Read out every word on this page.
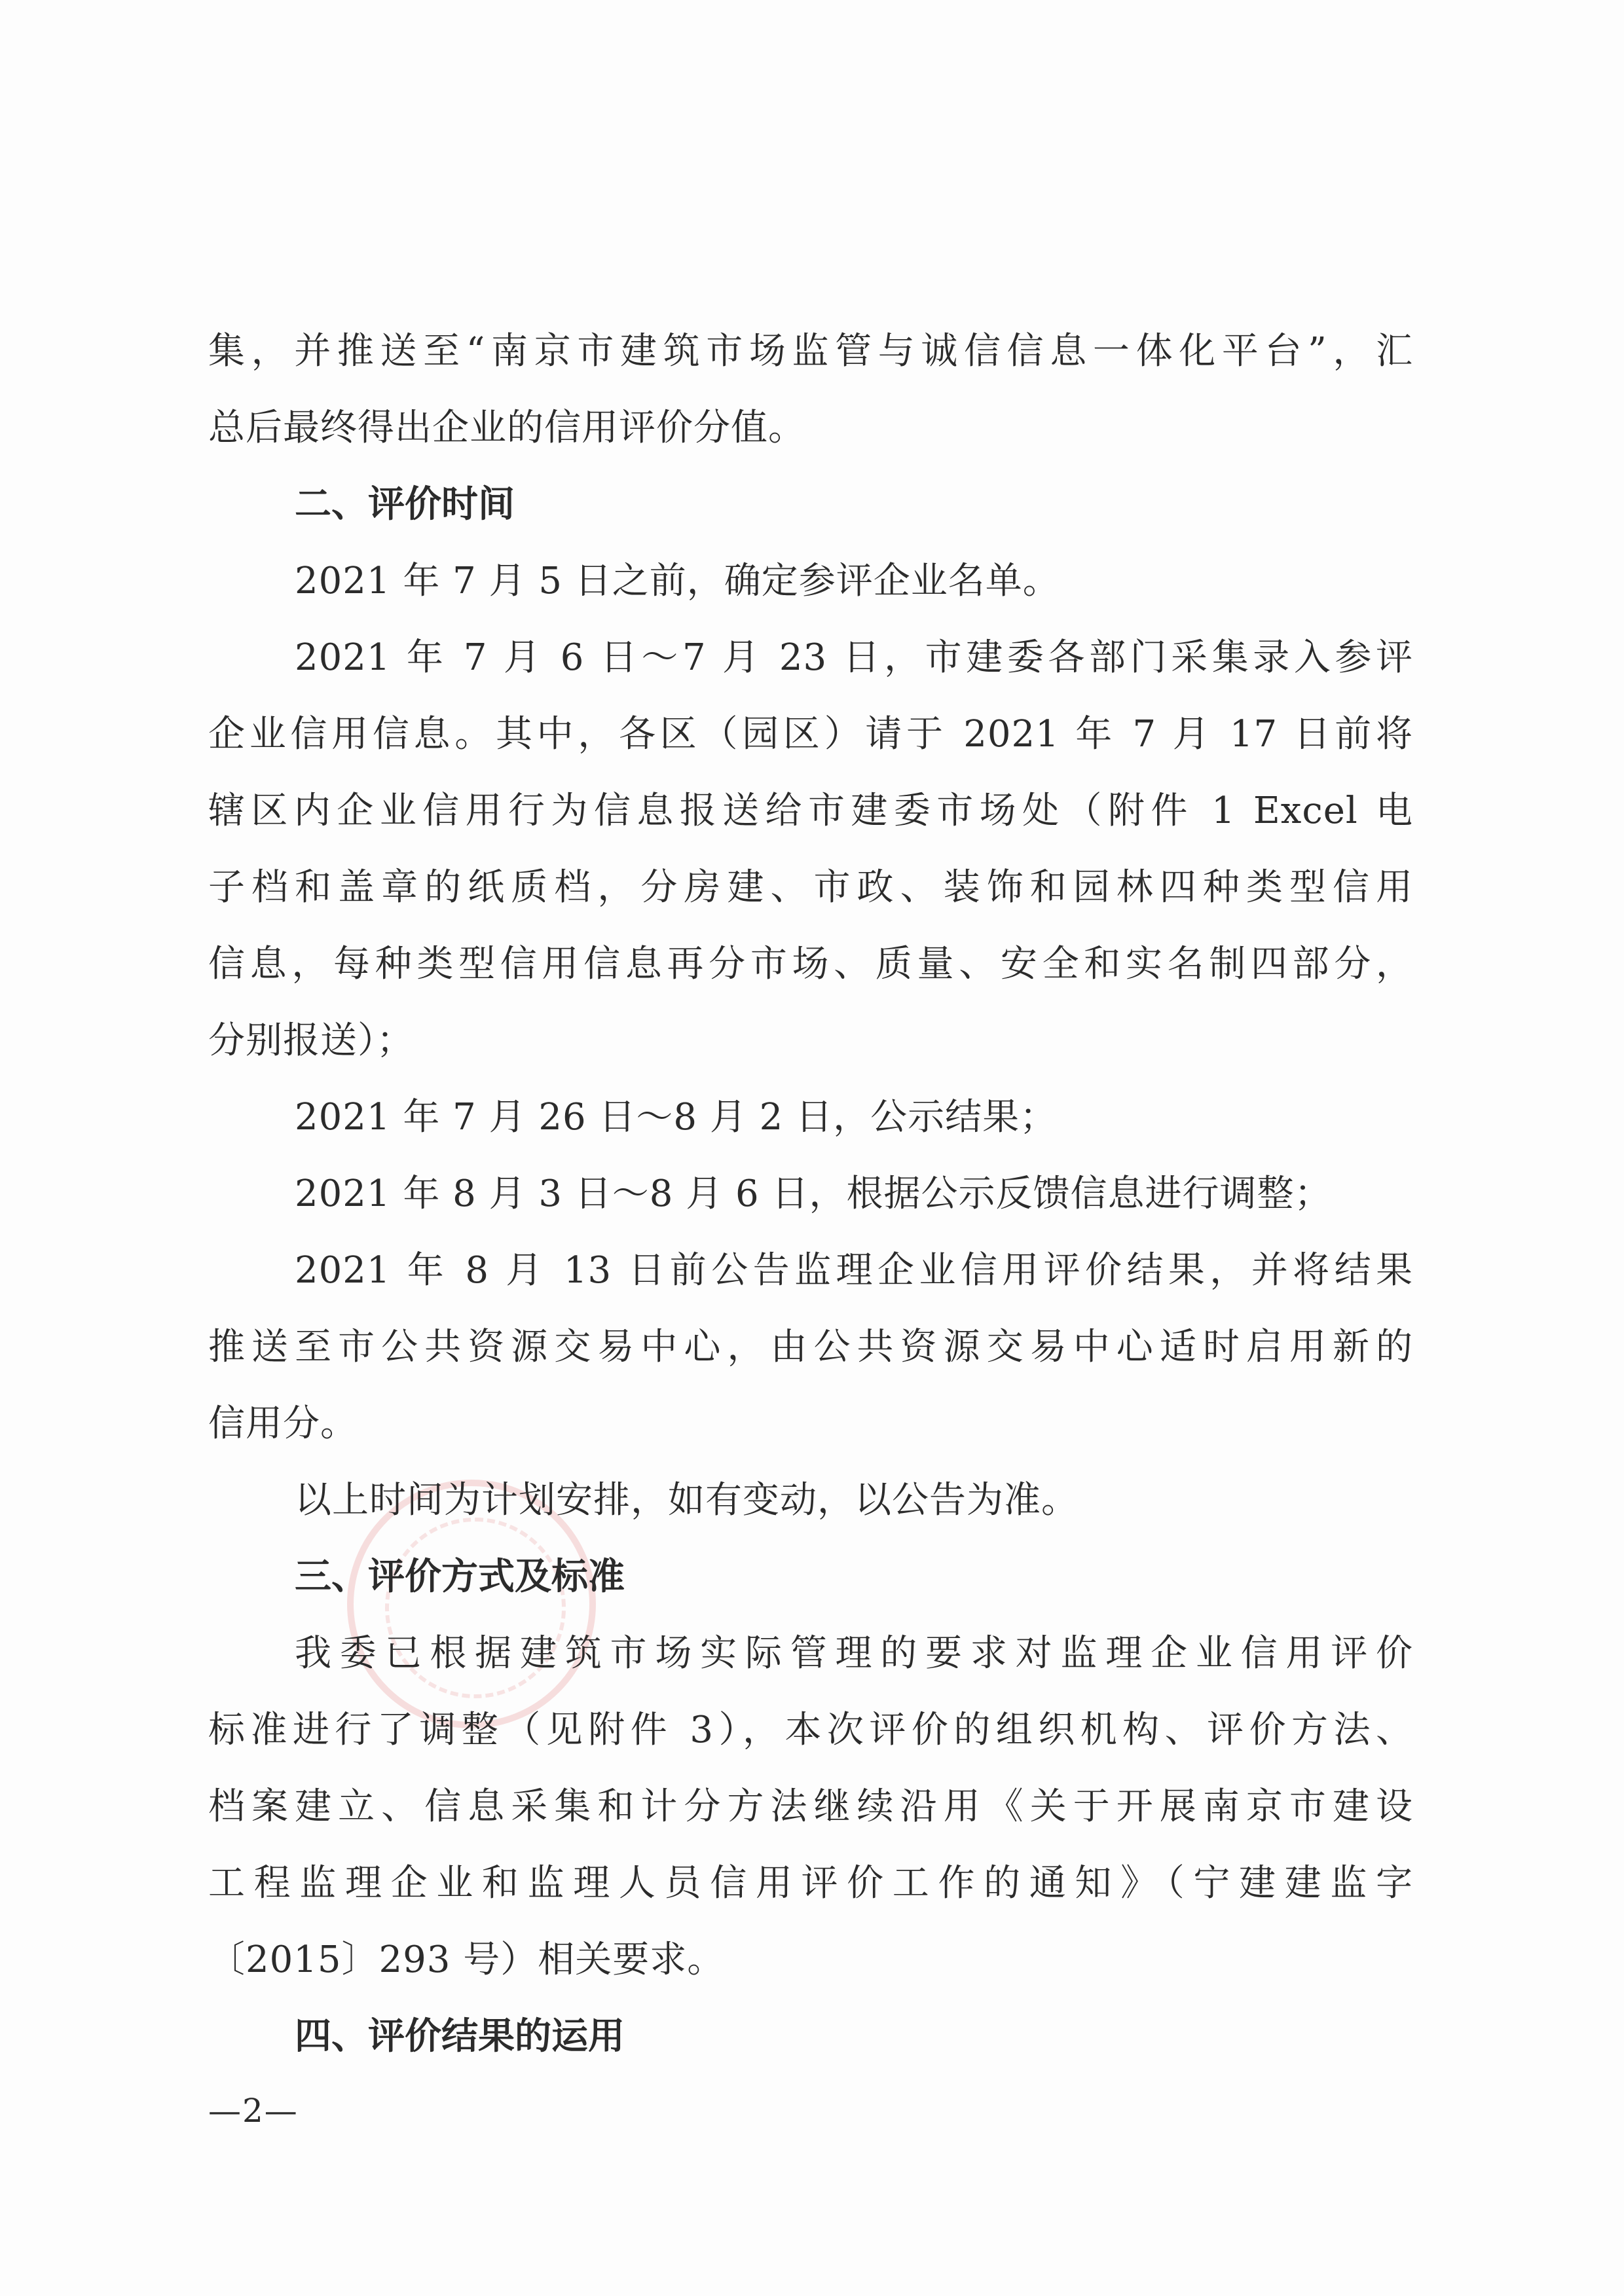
集，并推送至“南京市建筑市场监管与诚信信息一体化平台”，汇
总后最终得出企业的信用评价分值。
二、评价时间
2021 年 7 月 5 日之前，确定参评企业名单。
2021 年 7 月 6 日～7 月 23 日，市建委各部门采集录入参评
企业信用信息。其中，各区（园区）请于 2021 年 7 月 17 日前将
辖区内企业信用行为信息报送给市建委市场处（附件 1 Excel 电
子档和盖章的纸质档，分房建、市政、装饰和园林四种类型信用
信息，每种类型信用信息再分市场、质量、安全和实名制四部分，
分别报送）；
2021 年 7 月 26 日～8 月 2 日，公示结果；
2021 年 8 月 3 日～8 月 6 日，根据公示反馈信息进行调整；
2021 年 8 月 13 日前公告监理企业信用评价结果，并将结果
推送至市公共资源交易中心，由公共资源交易中心适时启用新的
信用分。
以上时间为计划安排，如有变动，以公告为准。
三、评价方式及标准
我委已根据建筑市场实际管理的要求对监理企业信用评价
标准进行了调整（见附件 3），本次评价的组织机构、评价方法、
档案建立、信息采集和计分方法继续沿用《关于开展南京市建设
工程监理企业和监理人员信用评价工作的通知》（宁建建监字
〔2015〕293 号）相关要求。
四、评价结果的运用
—2—
